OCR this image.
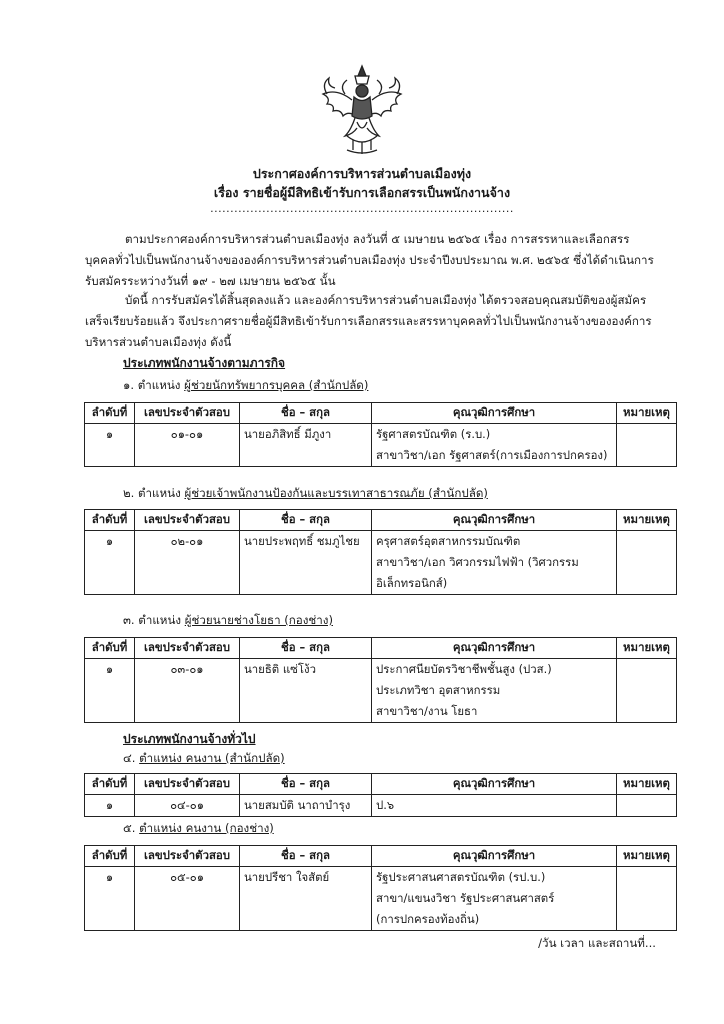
ประกาศองค์การบริหารส่วนตำบลเมืองทุ่ง
เรื่อง รายชื่อผู้มีสิทธิเข้ารับการเลือกสรรเป็นพนักงานจ้าง
............................................................................
ตามประกาศองค์การบริหารส่วนตำบลเมืองทุ่ง ลงวันที่ ๕ เมษายน ๒๕๖๕ เรื่อง การสรรหาและเลือกสรร
บุคคลทั่วไปเป็นพนักงานจ้างขององค์การบริหารส่วนตำบลเมืองทุ่ง ประจำปีงบประมาณ พ.ศ. ๒๕๖๕ ซึ่งได้ดำเนินการ
รับสมัครระหว่างวันที่ ๑๙ - ๒๗ เมษายน ๒๕๖๕ นั้น
บัดนี้ การรับสมัครได้สิ้นสุดลงแล้ว และองค์การบริหารส่วนตำบลเมืองทุ่ง ได้ตรวจสอบคุณสมบัติของผู้สมัคร
เสร็จเรียบร้อยแล้ว จึงประกาศรายชื่อผู้มีสิทธิเข้ารับการเลือกสรรและสรรหาบุคคลทั่วไปเป็นพนักงานจ้างขององค์การ
บริหารส่วนตำบลเมืองทุ่ง ดังนี้
ประเภทพนักงานจ้างตามภารกิจ
๑. ตำแหน่ง ผู้ช่วยนักทรัพยากรบุคคล (สำนักปลัด)
ลำดับที่	เลขประจำตัวสอบ	ชื่อ – สกุล	คุณวุฒิการศึกษา	หมายเหตุ

๑	๐๑-๐๑	นายอภิสิทธิ์ มีภูงา	รัฐศาสตรบัณฑิต (ร.บ.)
สาขาวิชา/เอก รัฐศาสตร์(การเมืองการปกครอง)	

๒. ตำแหน่ง ผู้ช่วยเจ้าพนักงานป้องกันและบรรเทาสาธารณภัย (สำนักปลัด)
ลำดับที่	เลขประจำตัวสอบ	ชื่อ – สกุล	คุณวุฒิการศึกษา	หมายเหตุ

๑	๐๒-๐๑	นายประพฤทธิ์ ชมภูไชย	ครุศาสตร์อุตสาหกรรมบัณฑิต
สาขาวิชา/เอก วิศวกรรมไฟฟ้า (วิศวกรรม
อิเล็กทรอนิกส์)	

๓. ตำแหน่ง ผู้ช่วยนายช่างโยธา (กองช่าง)
ลำดับที่	เลขประจำตัวสอบ	ชื่อ – สกุล	คุณวุฒิการศึกษา	หมายเหตุ

๑	๐๓-๐๑	นายธิติ แซ่โง้ว	ประกาศนียบัตรวิชาชีพชั้นสูง (ปวส.)
ประเภทวิชา อุตสาหกรรม
สาขาวิชา/งาน โยธา	

ประเภทพนักงานจ้างทั่วไป
๔. ตำแหน่ง คนงาน (สำนักปลัด)
ลำดับที่	เลขประจำตัวสอบ	ชื่อ – สกุล	คุณวุฒิการศึกษา	หมายเหตุ

๑	๐๔-๐๑	นายสมบัติ นาถาบำรุง	ป.๖	

๕. ตำแหน่ง คนงาน (กองช่าง)
ลำดับที่	เลขประจำตัวสอบ	ชื่อ – สกุล	คุณวุฒิการศึกษา	หมายเหตุ

๑	๐๕-๐๑	นายปรีชา ใจสัตย์	รัฐประศาสนศาสตรบัณฑิต (รป.บ.)
สาขา/แขนงวิชา รัฐประศาสนศาสตร์
(การปกครองท้องถิ่น)	

/วัน เวลา และสถานที่...
